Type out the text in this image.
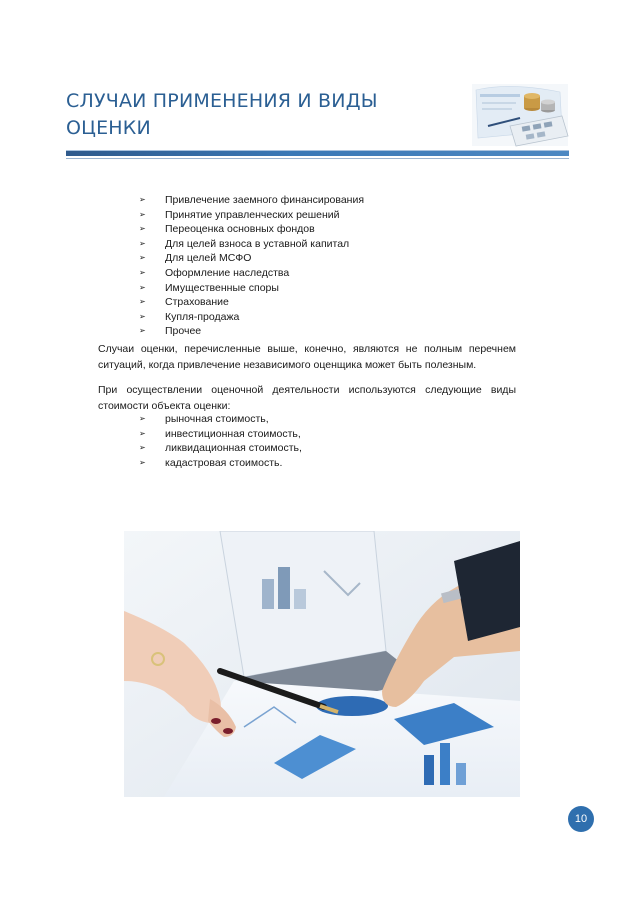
СЛУЧАИ ПРИМЕНЕНИЯ И ВИДЫ ОЦЕНКИ
➢ Привлечение заемного финансирования
➢ Принятие управленческих решений
➢ Переоценка основных фондов
➢ Для целей взноса в уставной капитал
➢ Для целей МСФО
➢ Оформление наследства
➢ Имущественные споры
➢ Страхование
➢ Купля-продажа
➢ Прочее

Случаи оценки, перечисленные выше, конечно, являются не полным перечнем ситуаций, когда привлечение независимого оценщика может быть полезным.

При осуществлении оценочной деятельности используются следующие виды стоимости объекта оценки:

➢ рыночная стоимость,
➢ инвестиционная стоимость,
➢ ликвидационная стоимость,
➢ кадастровая стоимость.
10
